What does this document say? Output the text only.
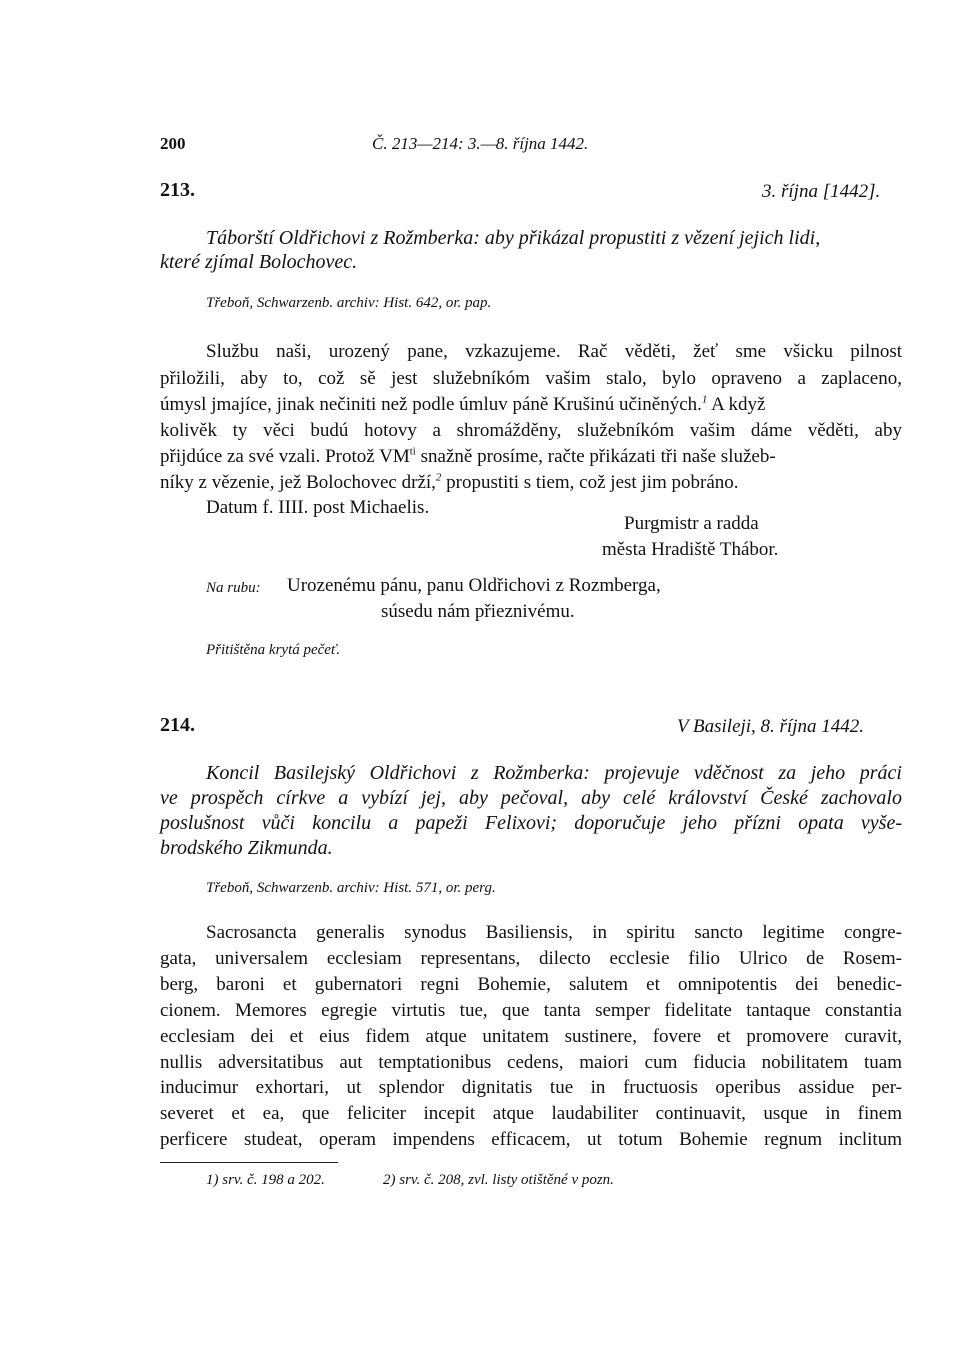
200	Č. 213—214: 3.—8. října 1442.
213.	3. října [1442].
Táborští Oldřichovi z Rožmberka: aby přikázal propustiti z vězení jejich lidi,
které zjímal Bolochovec.
Třeboň, Schwarzenb. archiv: Hist. 642, or. pap.
Službu naši, urozený pane, vzkazujeme. Rač věděti, žeť sme všicku pilnost
přiložili, aby to, což sě jest služebníkóm vašim stalo, bylo opraveno a zaplaceno,
úmysl jmajíce, jinak nečiniti než podle úmluv páně Krušinú učiněných.$^1$ A když
kolivěk ty věci budú hotovy a shromážděny, služebníkóm vašim dáme věděti, aby
přijdúce za své vzali. Protož $VM^{ti}$ snažně prosíme, račte přikázati tři naše služeb-
níky z vězenie, jež Bolochovec drží,$^2$ propustiti s tiem, což jest jim pobráno.
Datum f. IIII. post Michaelis.
Purgmistr a radda
města Hradiště Thábor.
Na rubu: Urozenému pánu, panu Oldřichovi z Rozmberga,
súsedu nám přieznivému.
Přitištěna krytá pečeť.
214.	V Basileji, 8. října 1442.
Koncil Basilejský Oldřichovi z Rožmberka: projevuje vděčnost za jeho práci
ve prospěch církve a vybízí jej, aby pečoval, aby celé království České zachovalo
poslušnost vůči koncilu a papeži Felixovi; doporučuje jeho přízni opata vyše-
brodského Zikmunda.
Třeboň, Schwarzenb. archiv: Hist. 571, or. perg.
Sacrosancta generalis synodus Basiliensis, in spiritu sancto legitime congre-
gata, universalem ecclesiam representans, dilecto ecclesie filio Ulrico de Rosem-
berg, baroni et gubernatori regni Bohemie, salutem et omnipotentis dei benedic-
cionem. Memores egregie virtutis tue, que tanta semper fidelitate tantaque constantia
ecclesiam dei et eius fidem atque unitatem sustinere, fovere et promovere curavit,
nullis adversitatibus aut temptationibus cedens, maiori cum fiducia nobilitatem tuam
inducimur exhortari, ut splendor dignitatis tue in fructuosis operibus assidue per-
severet et ea, que feliciter incepit atque laudabiliter continuavit, usque in finem
perficere studeat, operam impendens efficacem, ut totum Bohemie regnum inclitum
1) srv. č. 198 a 202.	2) srv. č. 208, zvl. listy otištěné v pozn.
